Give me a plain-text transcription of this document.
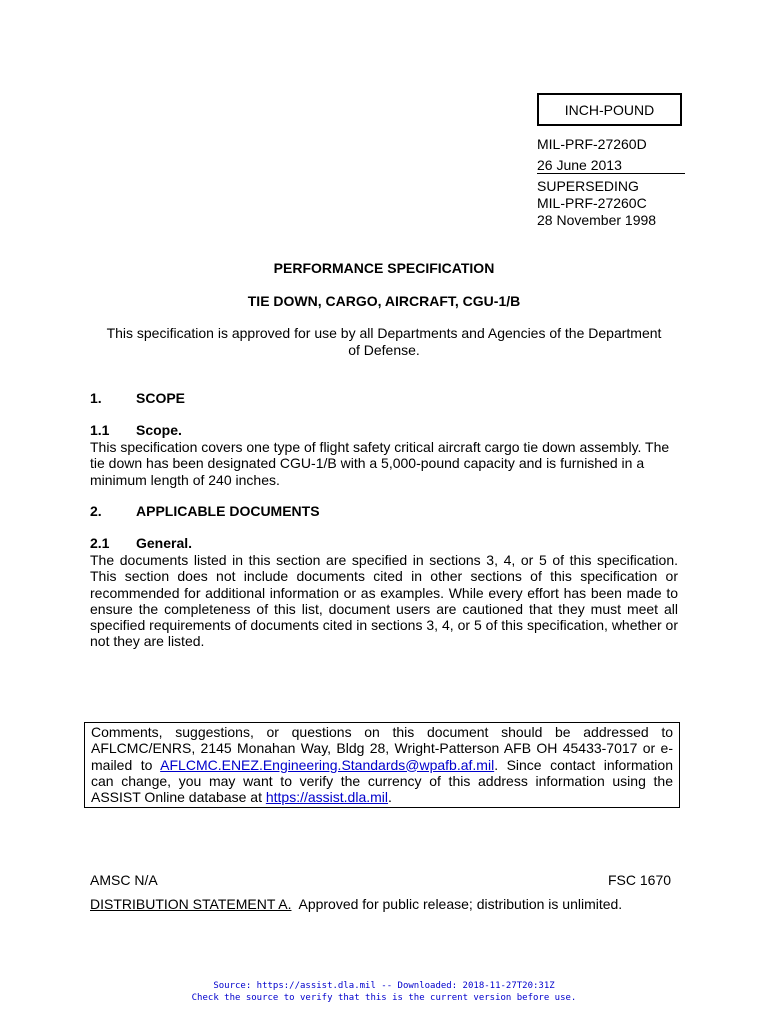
INCH-POUND
MIL-PRF-27260D
26 June 2013
SUPERSEDING
MIL-PRF-27260C
28 November 1998
PERFORMANCE SPECIFICATION
TIE DOWN, CARGO, AIRCRAFT, CGU-1/B
This specification is approved for use by all Departments and Agencies of the Department of Defense.
1. SCOPE
1.1 Scope.
This specification covers one type of flight safety critical aircraft cargo tie down assembly. The tie down has been designated CGU-1/B with a 5,000-pound capacity and is furnished in a minimum length of 240 inches.
2. APPLICABLE DOCUMENTS
2.1 General.
The documents listed in this section are specified in sections 3, 4, or 5 of this specification. This section does not include documents cited in other sections of this specification or recommended for additional information or as examples. While every effort has been made to ensure the completeness of this list, document users are cautioned that they must meet all specified requirements of documents cited in sections 3, 4, or 5 of this specification, whether or not they are listed.
Comments, suggestions, or questions on this document should be addressed to AFLCMC/ENRS, 2145 Monahan Way, Bldg 28, Wright-Patterson AFB OH 45433-7017 or e-mailed to AFLCMC.ENEZ.Engineering.Standards@wpafb.af.mil. Since contact information can change, you may want to verify the currency of this address information using the ASSIST Online database at https://assist.dla.mil.
AMSC N/A	FSC 1670
DISTRIBUTION STATEMENT A.  Approved for public release; distribution is unlimited.
Source: https://assist.dla.mil -- Downloaded: 2018-11-27T20:31Z
Check the source to verify that this is the current version before use.
